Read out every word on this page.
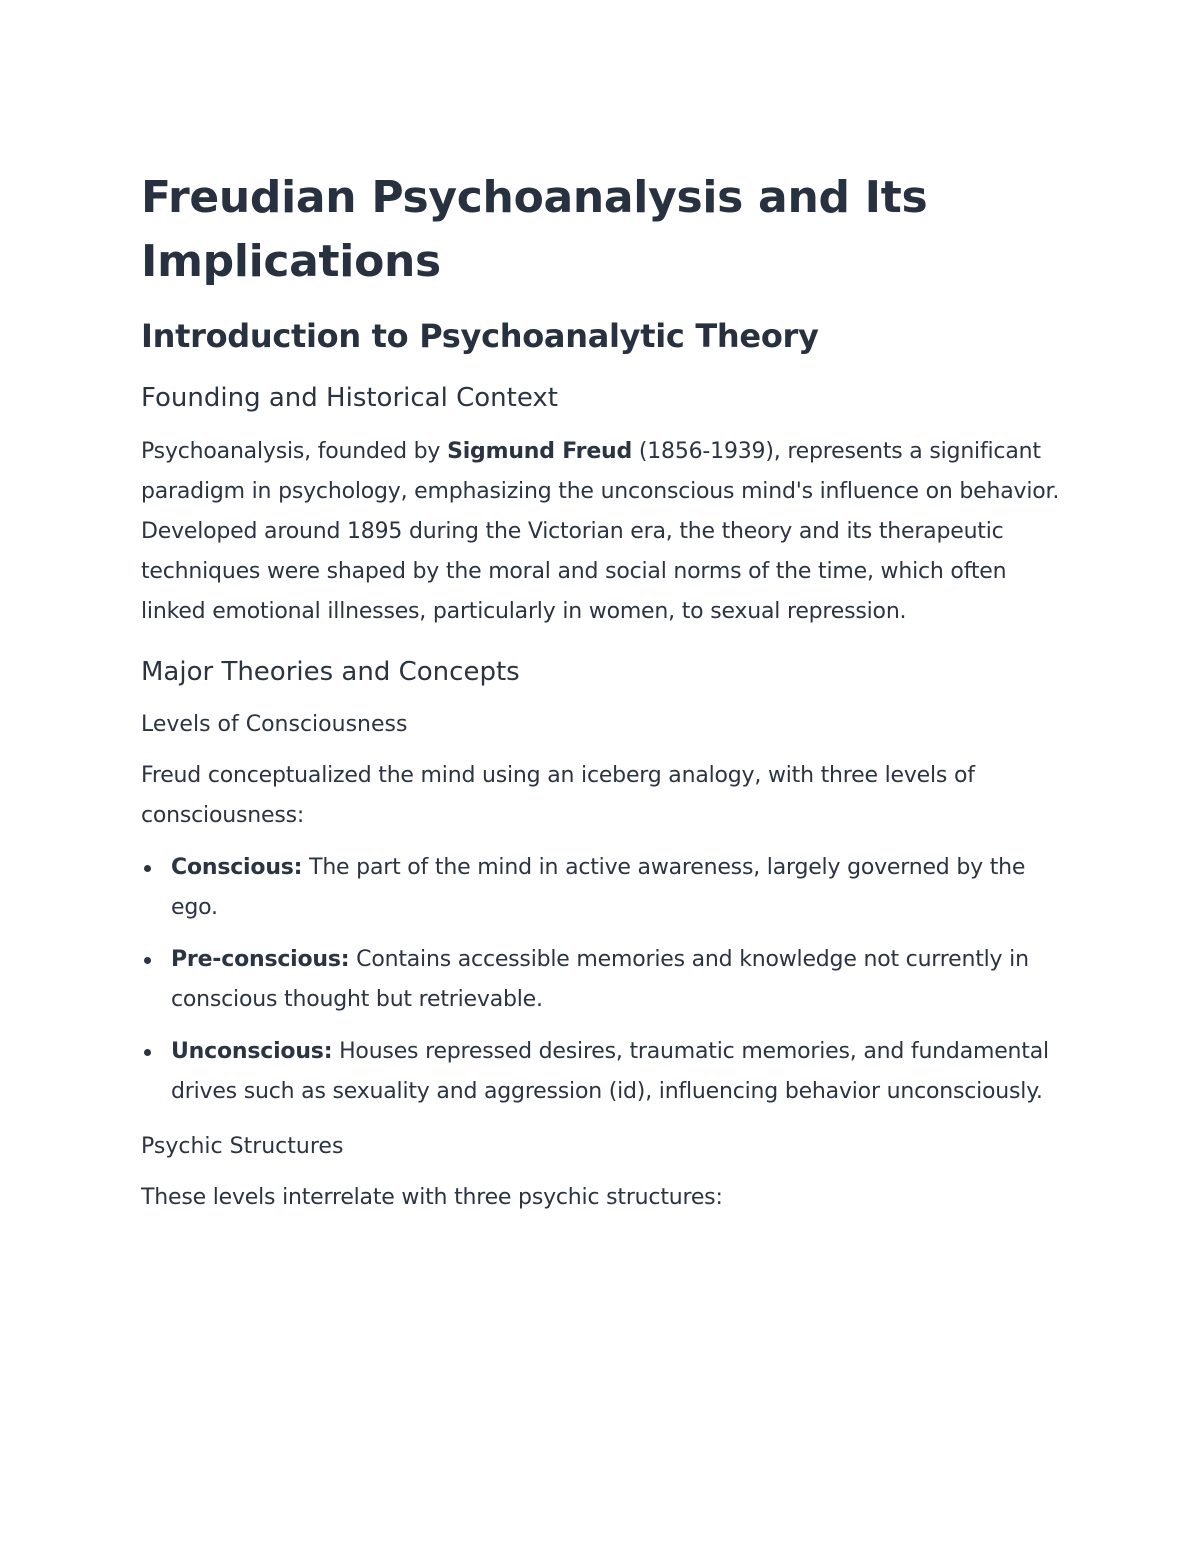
Freudian Psychoanalysis and Its Implications
Introduction to Psychoanalytic Theory
Founding and Historical Context

Psychoanalysis, founded by Sigmund Freud (1856-1939), represents a significant paradigm in psychology, emphasizing the unconscious mind's influence on behavior. Developed around 1895 during the Victorian era, the theory and its therapeutic techniques were shaped by the moral and social norms of the time, which often linked emotional illnesses, particularly in women, to sexual repression.

Major Theories and Concepts
Levels of Consciousness

Freud conceptualized the mind using an iceberg analogy, with three levels of consciousness:

Conscious: The part of the mind in active awareness, largely governed by the ego.
Pre-conscious: Contains accessible memories and knowledge not currently in conscious thought but retrievable.
Unconscious: Houses repressed desires, traumatic memories, and fundamental drives such as sexuality and aggression (id), influencing behavior unconsciously.
Psychic Structures

These levels interrelate with three psychic structures:
